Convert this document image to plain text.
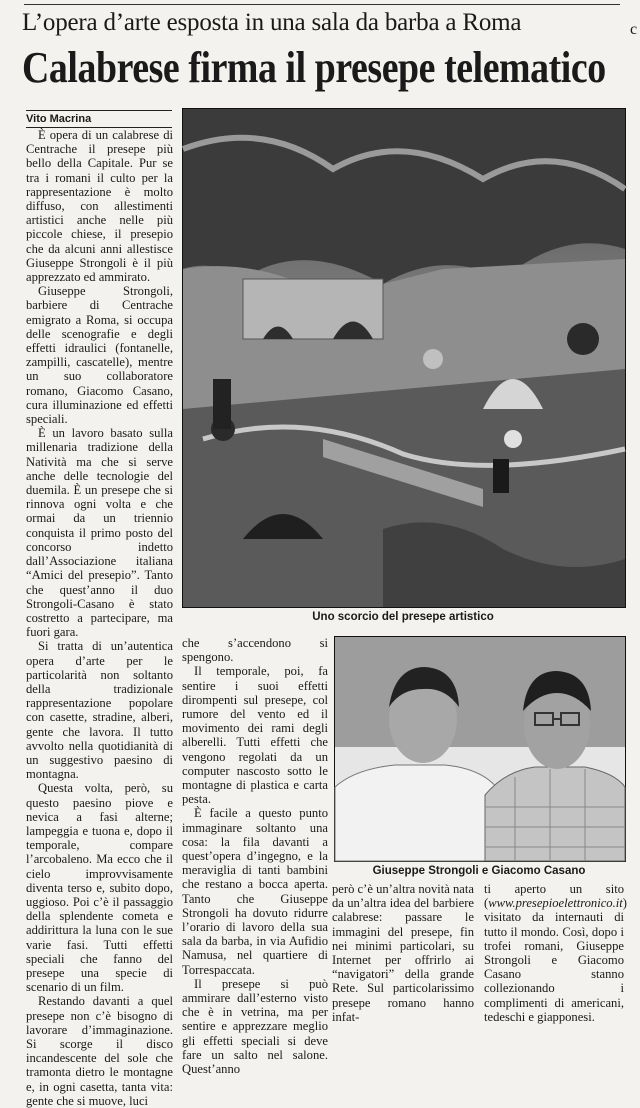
L’opera d’arte esposta in una sala da barba a Roma
Calabrese firma il presepe telematico
c
Vito Macrina

È opera di un calabrese di Centrache il presepe più bello della Capitale. Pur se tra i romani il culto per la rappresentazione è molto diffuso, con allestimenti artistici anche nelle più piccole chiese, il presepio che da alcuni anni allestisce Giuseppe Strongoli è il più apprezzato ed ammirato.

Giuseppe Strongoli, barbiere di Centrache emigrato a Roma, si occupa delle scenografie e degli effetti idraulici (fontanelle, zampilli, cascatelle), mentre un suo collaboratore romano, Giacomo Casano, cura illuminazione ed effetti speciali.

È un lavoro basato sulla millenaria tradizione della Natività ma che si serve anche delle tecnologie del duemila. È un presepe che si rinnova ogni volta e che ormai da un triennio conquista il primo posto del concorso indetto dall’Associazione italiana “Amici del presepio”. Tanto che quest’anno il duo Strongoli-Casano è stato costretto a partecipare, ma fuori gara.

Si tratta di un’autentica opera d’arte per le particolarità non soltanto della tradizionale rappresentazione popolare con casette, stradine, alberi, gente che lavora. Il tutto avvolto nella quotidianità di un suggestivo paesino di montagna.

Questa volta, però, su questo paesino piove e nevica a fasi alterne; lampeggia e tuona e, dopo il temporale, compare l’arcobaleno. Ma ecco che il cielo improvvisamente diventa terso e, subito dopo, uggioso. Poi c’è il passaggio della splendente cometa e addirittura la luna con le sue varie fasi. Tutti effetti speciali che fanno del presepe una specie di scenario di un film.

Restando davanti a quel presepe non c’è bisogno di lavorare d’immaginazione. Si scorge il disco incandescente del sole che tramonta dietro le montagne e, in ogni casetta, tanta vita: gente che si muove, luci

Uno scorcio del presepe artistico

che s’accendono si spengono.

Il temporale, poi, fa sentire i suoi effetti dirompenti sul presepe, col rumore del vento ed il movimento dei rami degli alberelli. Tutti effetti che vengono regolati da un computer nascosto sotto le montagne di plastica e carta pesta.

È facile a questo punto immaginare soltanto una cosa: la fila davanti a quest’opera d’ingegno, e la meraviglia di tanti bambini che restano a bocca aperta. Tanto che Giuseppe Strongoli ha dovuto ridurre l’orario di lavoro della sua sala da barba, in via Aufidio Namusa, nel quartiere di Torrespaccata.

Il presepe si può ammirare dall’esterno visto che è in vetrina, ma per sentire e apprezzare meglio gli effetti speciali si deve fare un salto nel salone. Quest’anno

Giuseppe Strongoli e Giacomo Casano

però c’è un’altra novità nata da un’altra idea del barbiere calabrese: passare le immagini del presepe, fin nei minimi particolari, su Internet per offrirlo ai “navigatori” della grande Rete. Sul particolarissimo presepe romano hanno infat-

ti aperto un sito (www.presepioelettronico.it) visitato da internauti di tutto il mondo. Così, dopo i trofei romani, Giuseppe Strongoli e Giacomo Casano stanno collezionando i complimenti di americani, tedeschi e giapponesi.
